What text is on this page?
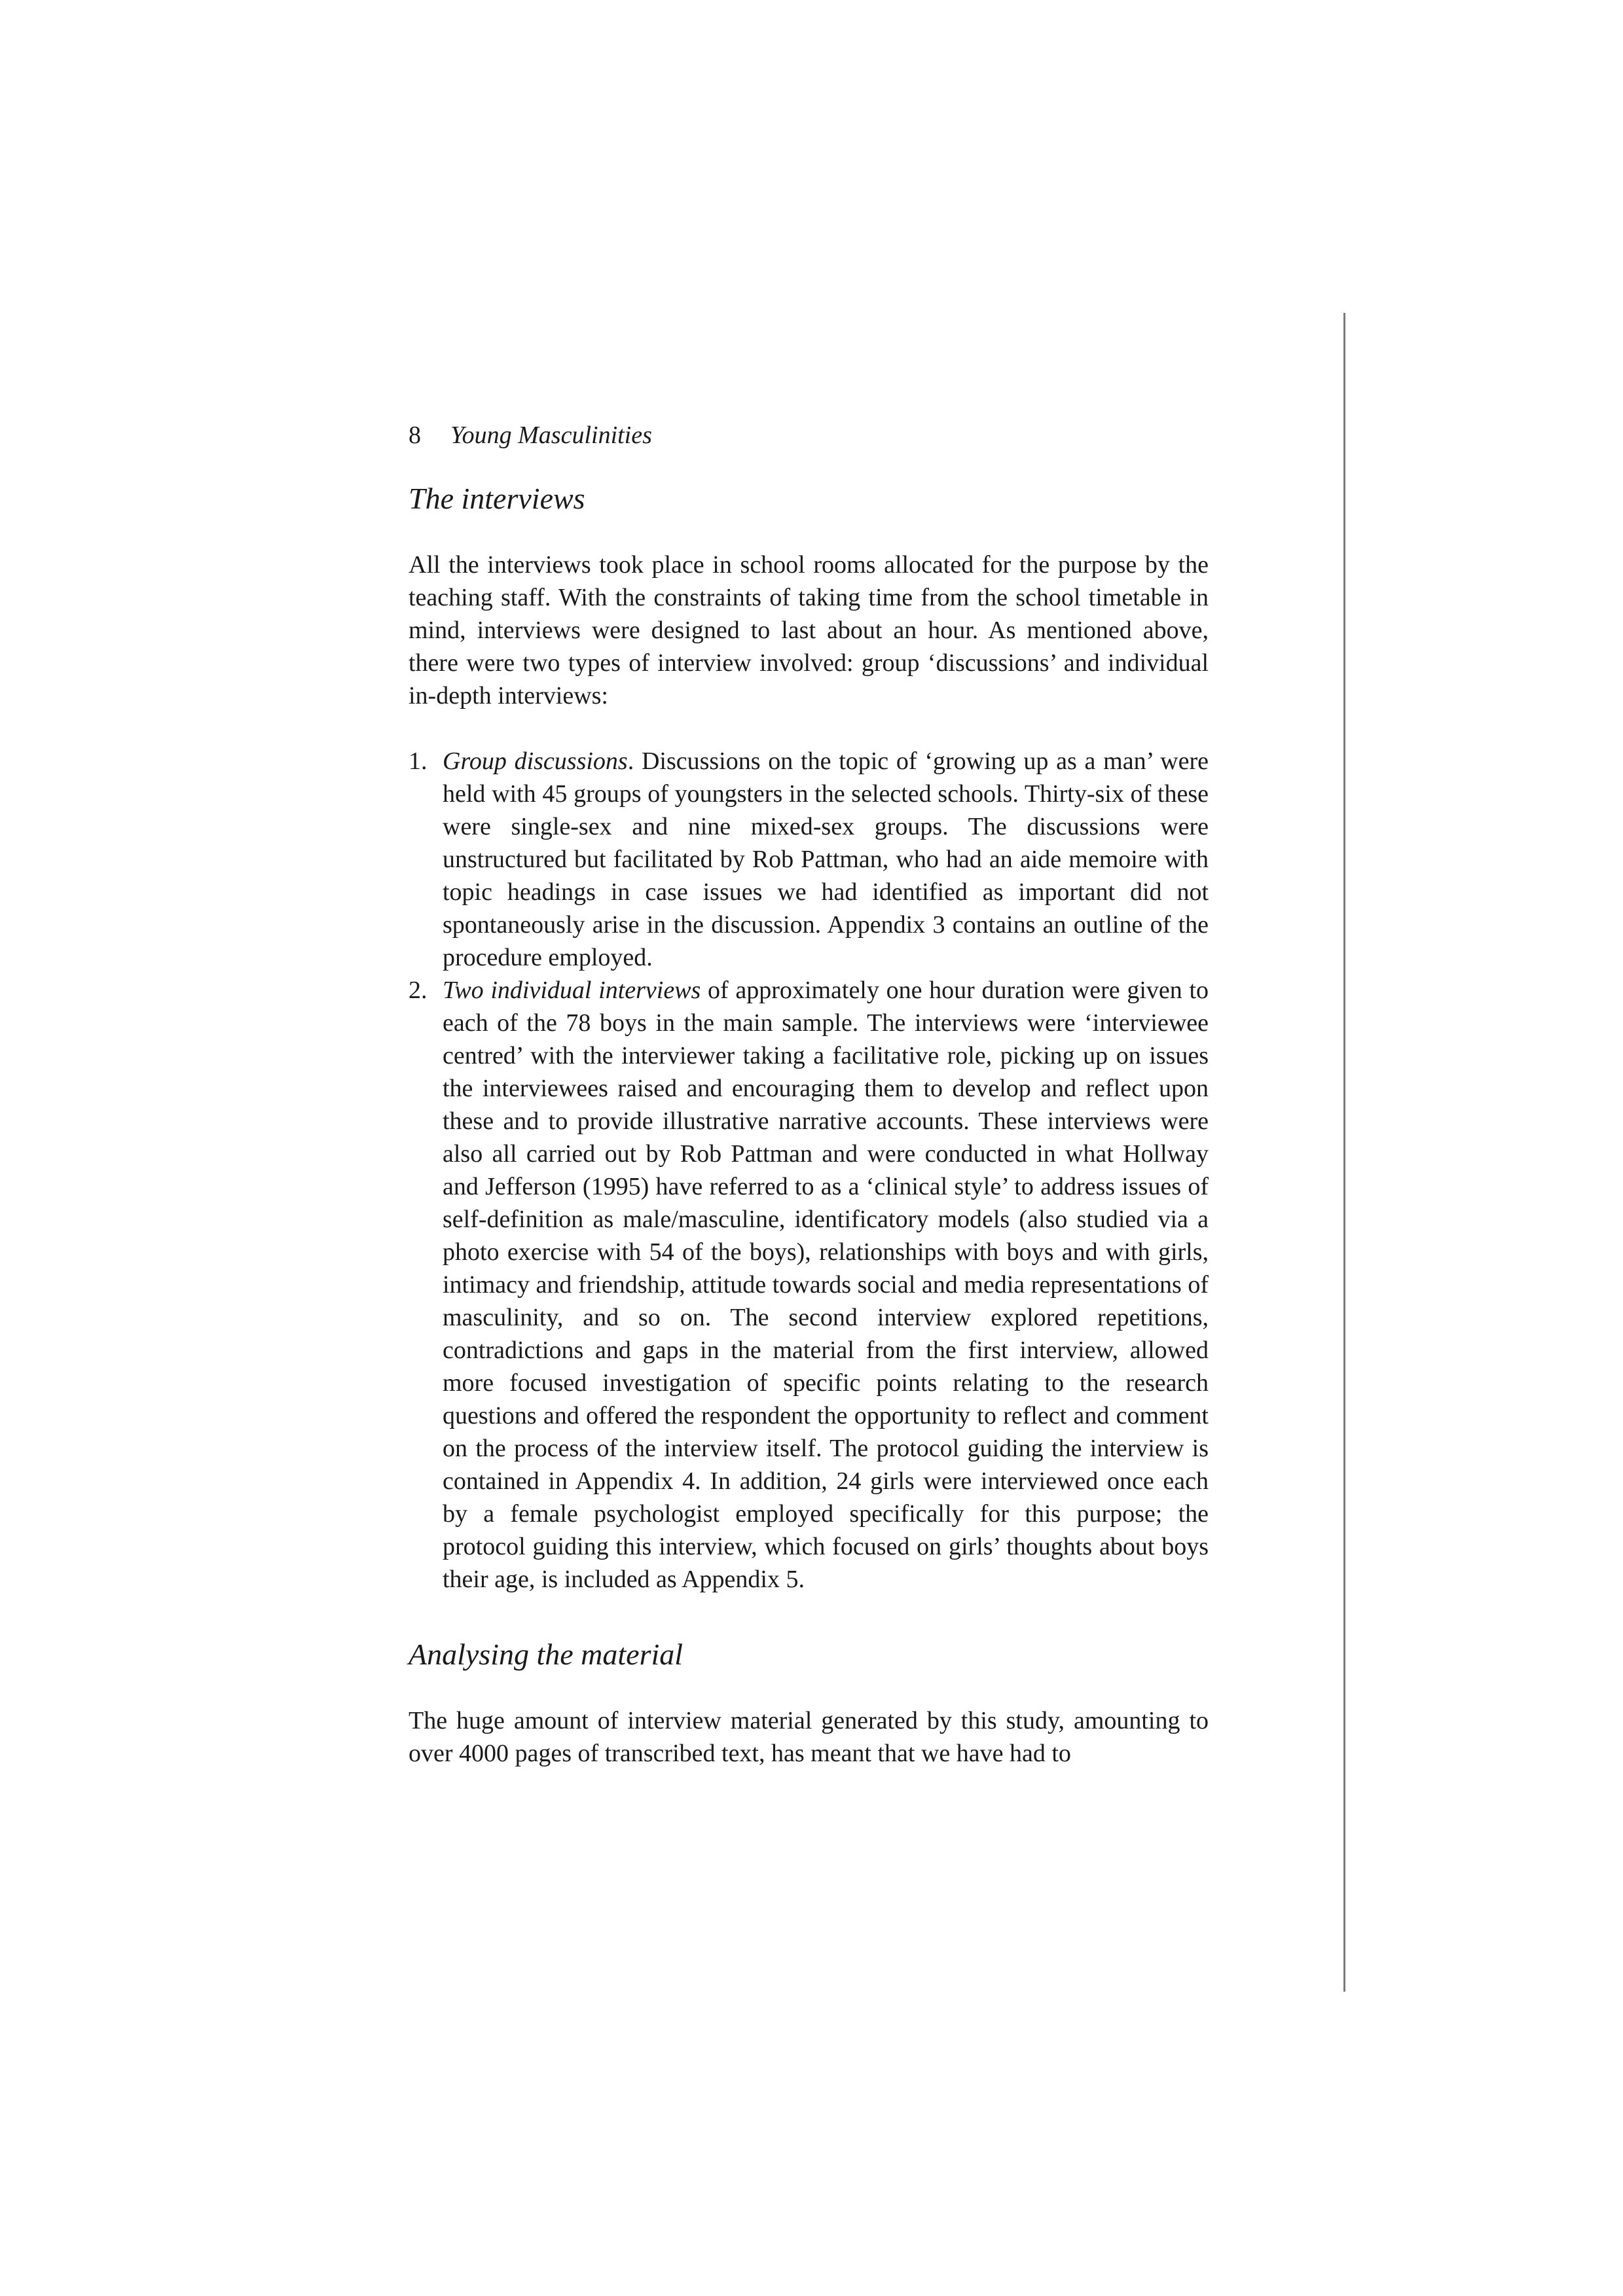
8 Young Masculinities
The interviews

All the interviews took place in school rooms allocated for the purpose by the teaching staff. With the constraints of taking time from the school timetable in mind, interviews were designed to last about an hour. As mentioned above, there were two types of interview involved: group ‘discussions’ and individual in-depth interviews:

1. Group discussions. Discussions on the topic of ‘growing up as a man’ were held with 45 groups of youngsters in the selected schools. Thirty-six of these were single-sex and nine mixed-sex groups. The discussions were unstructured but facilitated by Rob Pattman, who had an aide memoire with topic headings in case issues we had identified as important did not spontaneously arise in the discussion. Appendix 3 contains an outline of the procedure employed.
2. Two individual interviews of approximately one hour duration were given to each of the 78 boys in the main sample. The interviews were ‘interviewee centred’ with the interviewer taking a facilitative role, picking up on issues the interviewees raised and encouraging them to develop and reflect upon these and to provide illustrative narrative accounts. These interviews were also all carried out by Rob Pattman and were conducted in what Hollway and Jefferson (1995) have referred to as a ‘clinical style’ to address issues of self-definition as male/masculine, identificatory models (also studied via a photo exercise with 54 of the boys), relationships with boys and with girls, intimacy and friendship, attitude towards social and media representations of masculinity, and so on. The second interview explored repetitions, contradictions and gaps in the material from the first interview, allowed more focused investigation of specific points relating to the research questions and offered the respondent the opportunity to reflect and comment on the process of the interview itself. The protocol guiding the interview is contained in Appendix 4. In addition, 24 girls were interviewed once each by a female psychologist employed specifically for this purpose; the protocol guiding this interview, which focused on girls’ thoughts about boys their age, is included as Appendix 5.
Analysing the material

The huge amount of interview material generated by this study, amounting to over 4000 pages of transcribed text, has meant that we have had to
